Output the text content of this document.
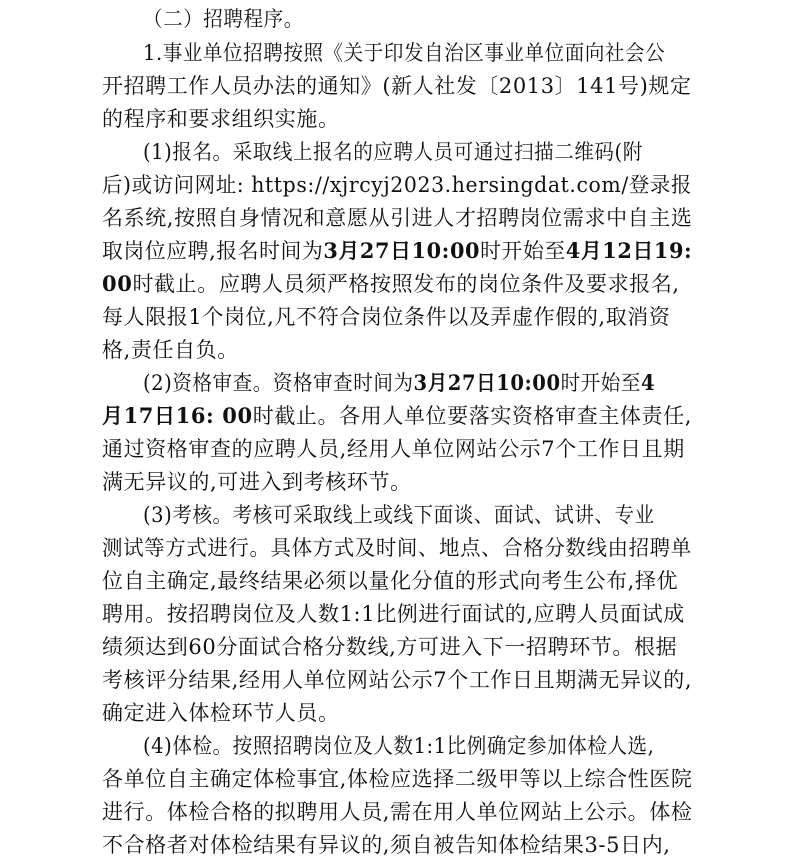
（二）招聘程序。
1.事业单位招聘按照《关于印发自治区事业单位面向社会公
开招聘工作人员办法的通知》(新人社发〔2013〕141号)规定
的程序和要求组织实施。
(1)报名。采取线上报名的应聘人员可通过扫描二维码(附
后)或访问网址: https://xjrcyj2023.hersingdat.com/登录报
名系统,按照自身情况和意愿从引进人才招聘岗位需求中自主选
取岗位应聘,报名时间为3月27日10:00时开始至4月12日19:
00时截止。应聘人员须严格按照发布的岗位条件及要求报名,
每人限报1个岗位,凡不符合岗位条件以及弄虚作假的,取消资
格,责任自负。
(2)资格审查。资格审查时间为3月27日10:00时开始至4
月17日16: 00时截止。各用人单位要落实资格审查主体责任,
通过资格审查的应聘人员,经用人单位网站公示7个工作日且期
满无异议的,可进入到考核环节。
(3)考核。考核可采取线上或线下面谈、面试、试讲、专业
测试等方式进行。具体方式及时间、地点、合格分数线由招聘单
位自主确定,最终结果必须以量化分值的形式向考生公布,择优
聘用。按招聘岗位及人数1:1比例进行面试的,应聘人员面试成
绩须达到60分面试合格分数线,方可进入下一招聘环节。根据
考核评分结果,经用人单位网站公示7个工作日且期满无异议的,
确定进入体检环节人员。
(4)体检。按照招聘岗位及人数1:1比例确定参加体检人选,
各单位自主确定体检事宜,体检应选择二级甲等以上综合性医院
进行。体检合格的拟聘用人员,需在用人单位网站上公示。体检
不合格者对体检结果有异议的,须自被告知体检结果3-5日内,
